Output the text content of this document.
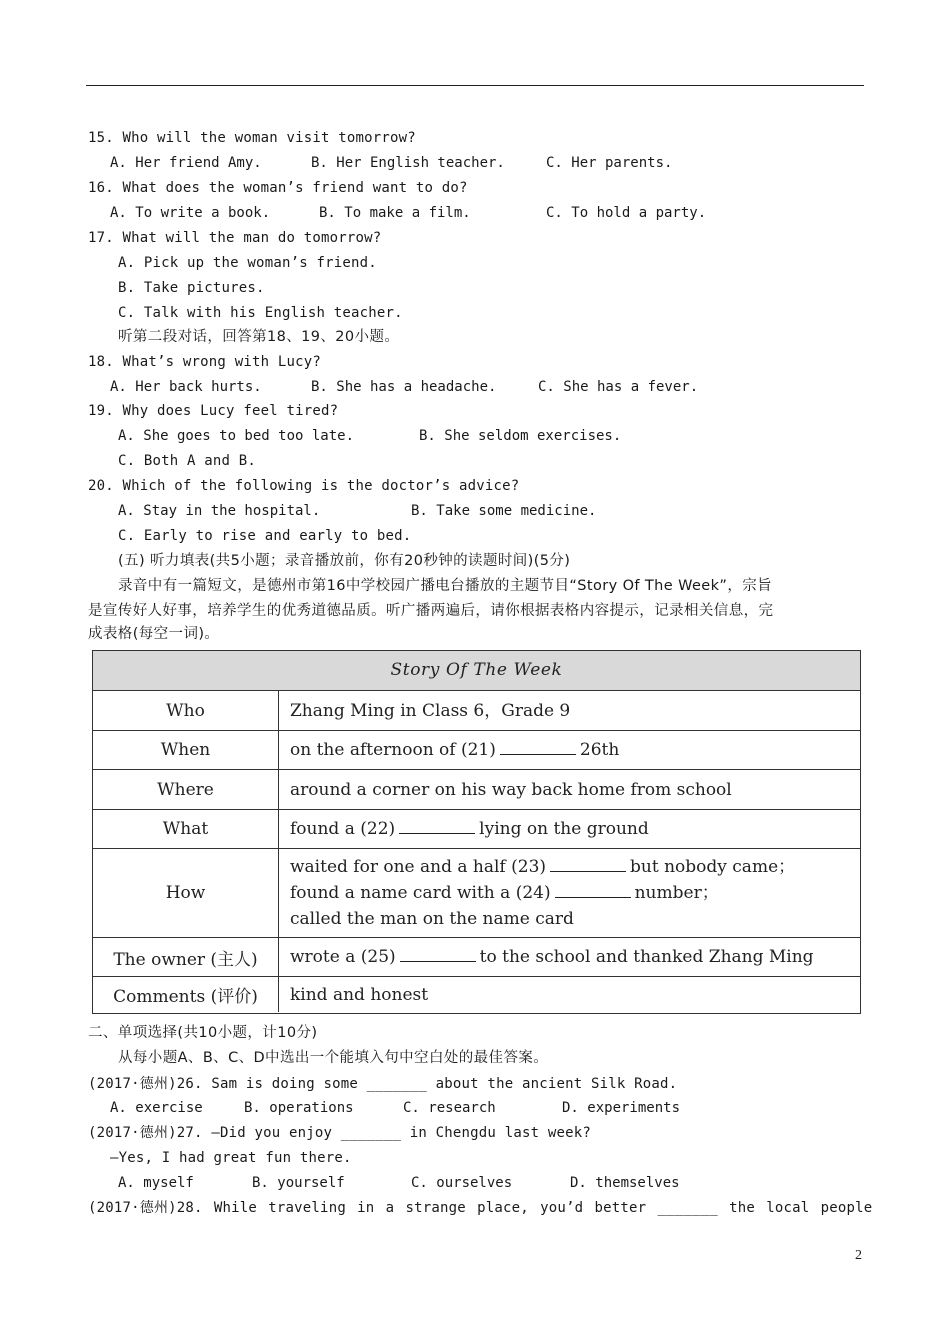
15. Who will the woman visit tomorrow?

A. Her friend Amy.

	B. Her English teacher.

	C. Her parents.

16. What does the woman’s friend want to do?

A. To write a book.

	B. To make a film.

	C. To hold a party.

17. What will the man do tomorrow?
A. Pick up the woman’s friend.
B. Take pictures.
C. Talk with his English teacher.
听第二段对话，回答第18、19、20小题。
18. What’s wrong with Lucy?

A. Her back hurts.

	B. She has a headache.

	C. She has a fever.

19. Why does Lucy feel tired?

A. She goes to bed too late.

	B. She seldom exercises.

C. Both A and B.
20. Which of the following is the doctor’s advice?

A. Stay in the hospital.

	B. Take some medicine.

C. Early to rise and early to bed.
(五) 听力填表(共5小题；录音播放前，你有20秒钟的读题时间)(5分)
录音中有一篇短文，是德州市第16中学校园广播电台播放的主题节目“Story Of The Week”，宗旨
是宣传好人好事，培养学生的优秀道德品质。听广播两遍后，请你根据表格内容提示，记录相关信息，完
成表格(每空一词)。
Story Of The Week
Who	Zhang Ming in Class 6，Grade 9
When	on the afternoon of (21)	26th
Where	around a corner on his way back home from school
What	found a (22)	lying on the ground
How
waited for one and a half (23)	but nobody came；
found a name card with a (24)	number；
called the man on the name card
The owner (主人)	wrote a (25)	to the school and thanked Zhang Ming
Comments (评价)	kind and honest
二、单项选择(共10小题，计10分)
从每小题A、B、C、D中选出一个能填入句中空白处的最佳答案。
(2017·德州)26. Sam is doing some _______ about the ancient Silk Road.

A. exercise

	B. operations

	C. research

	D. experiments

(2017·德州)27. —Did you enjoy _______ in Chengdu last week?
—Yes, I had great fun there.

A. myself

	B. yourself

	C. ourselves

	D. themselves

(2017·德州)28. While traveling in a strange place, you’d better _______ the local people
2
